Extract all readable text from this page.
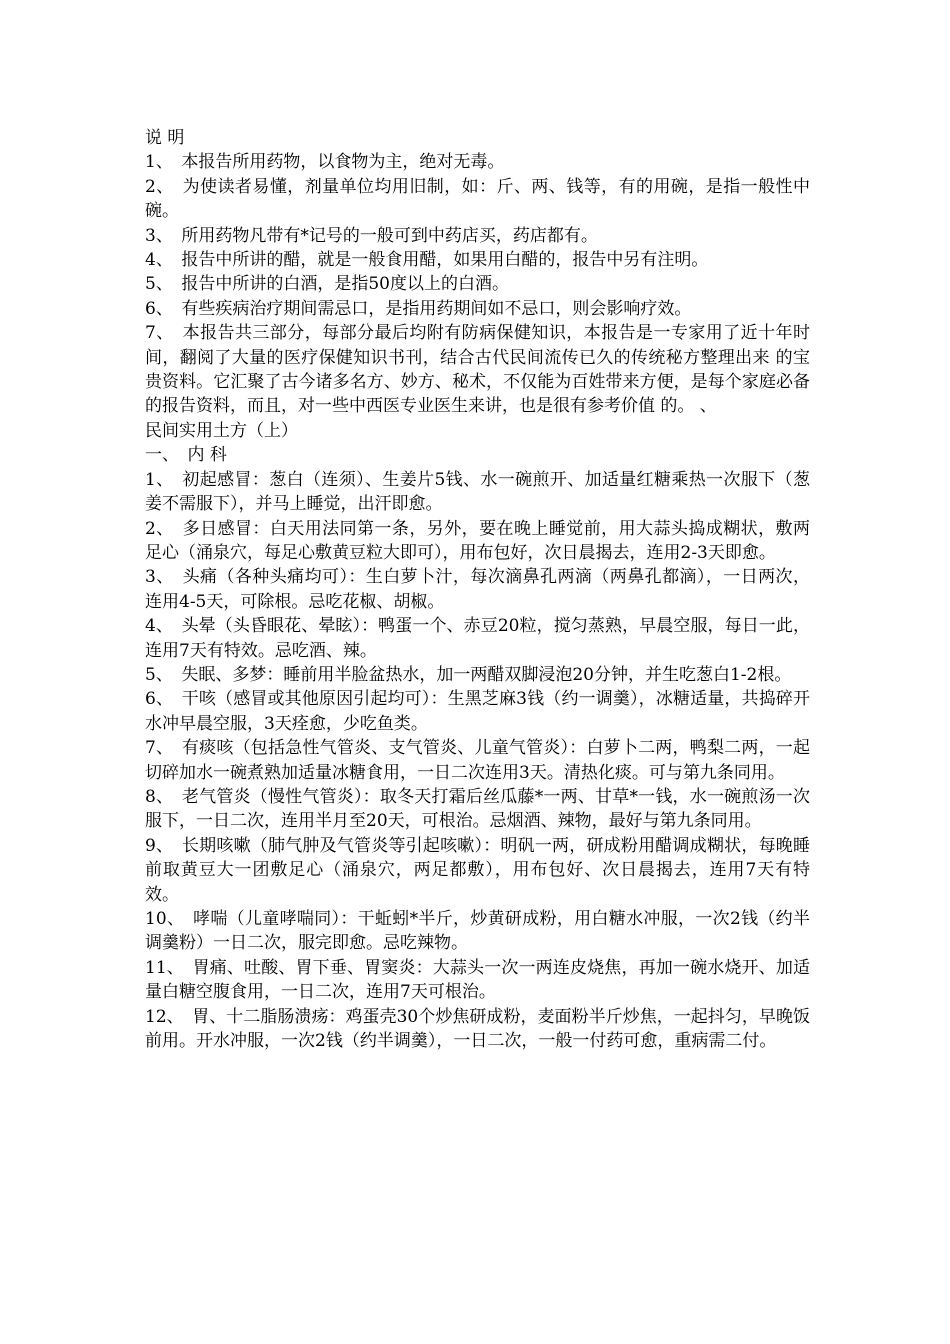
说 明

1、　本报告所用药物，以食物为主，绝对无毒。

2、　为使读者易懂，剂量单位均用旧制，如：斤、两、钱等，有的用碗，是指一般性中碗。

3、　所用药物凡带有*记号的一般可到中药店买，药店都有。

4、　报告中所讲的醋，就是一般食用醋，如果用白醋的，报告中另有注明。

5、　报告中所讲的白酒，是指50度以上的白酒。

6、　有些疾病治疗期间需忌口，是指用药期间如不忌口，则会影响疗效。

7、　本报告共三部分，每部分最后均附有防病保健知识，本报告是一专家用了近十年时间，翻阅了大量的医疗保健知识书刊，结合古代民间流传已久的传统秘方整理出来 的宝贵资料。它汇聚了古今诸多名方、妙方、秘术，不仅能为百姓带来方便，是每个家庭必备的报告资料，而且，对一些中西医专业医生来讲，也是很有参考价值 的。 、

民间实用土方（上）

一、　内 科

1、　初起感冒：葱白（连须）、生姜片5钱、水一碗煎开、加适量红糖乘热一次服下（葱姜不需服下），并马上睡觉，出汗即愈。

2、　多日感冒：白天用法同第一条，另外，要在晚上睡觉前，用大蒜头捣成糊状，敷两足心（涌泉穴，每足心敷黄豆粒大即可），用布包好，次日晨揭去，连用2-3天即愈。

3、　头痛（各种头痛均可）：生白萝卜汁，每次滴鼻孔两滴（两鼻孔都滴），一日两次，连用4-5天，可除根。忌吃花椒、胡椒。

4、　头晕（头昏眼花、晕眩）：鸭蛋一个、赤豆20粒，搅匀蒸熟，早晨空服，每日一此，连用7天有特效。忌吃酒、辣。

5、　失眠、多梦：睡前用半脸盆热水，加一两醋双脚浸泡20分钟，并生吃葱白1-2根。

6、　干咳（感冒或其他原因引起均可）：生黑芝麻3钱（约一调羹），冰糖适量，共捣碎开水冲早晨空服，3天痊愈，少吃鱼类。

7、　有痰咳（包括急性气管炎、支气管炎、儿童气管炎）：白萝卜二两，鸭梨二两，一起切碎加水一碗煮熟加适量冰糖食用，一日二次连用3天。清热化痰。可与第九条同用。

8、　老气管炎（慢性气管炎）：取冬天打霜后丝瓜藤*一两、甘草*一钱，水一碗煎汤一次服下，一日二次，连用半月至20天，可根治。忌烟酒、辣物，最好与第九条同用。

9、　长期咳嗽（肺气肿及气管炎等引起咳嗽）：明矾一两，研成粉用醋调成糊状，每晚睡前取黄豆大一团敷足心（涌泉穴，两足都敷），用布包好、次日晨揭去，连用7天有特效。

10、　哮喘（儿童哮喘同）：干蚯蚓*半斤，炒黄研成粉，用白糖水冲服，一次2钱（约半调羹粉）一日二次，服完即愈。忌吃辣物。

11、　胃痛、吐酸、胃下垂、胃窦炎：大蒜头一次一两连皮烧焦，再加一碗水烧开、加适量白糖空腹食用，一日二次，连用7天可根治。

12、　胃、十二脂肠溃疡：鸡蛋壳30个炒焦研成粉，麦面粉半斤炒焦，一起抖匀，早晚饭前用。开水冲服，一次2钱（约半调羹），一日二次，一般一付药可愈，重病需二付。
